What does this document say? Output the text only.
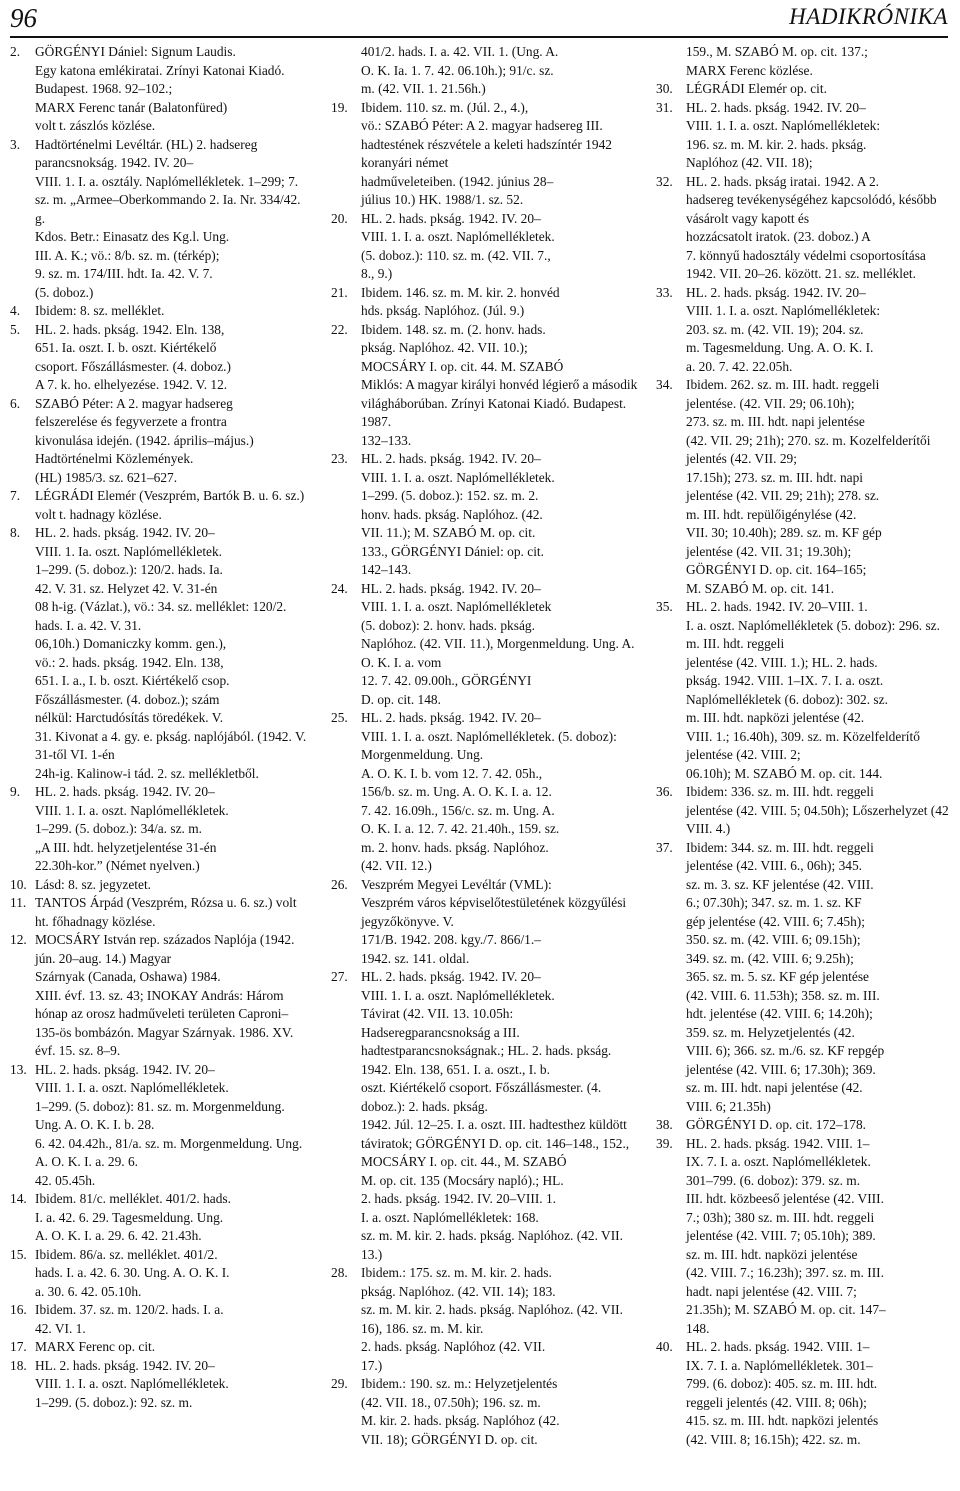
96	HADIKRÓNIKA
2. GÖRGÉNYI Dániel: Signum Laudis.
Egy katona emlékiratai. Zrínyi Katonai Kiadó. Budapest. 1968. 92–102.;
MARX Ferenc tanár (Balatonfüred)
volt t. zászlós közlése.
3. Hadtörténelmi Levéltár. (HL) 2. hadsereg parancsnokság. 1942. IV. 20–
VIII. 1. I. a. osztály. Naplómellékletek. 1–299; 7. sz. m. „Armee–Oberkommando 2. Ia. Nr. 334/42. g.
Kdos. Betr.: Einasatz des Kg.l. Ung.
III. A. K.; vö.: 8/b. sz. m. (térkép);
9. sz. m. 174/III. hdt. Ia. 42. V. 7.
(5. doboz.)
4. Ibidem: 8. sz. melléklet.
5. HL. 2. hads. pkság. 1942. Eln. 138,
651. Ia. oszt. I. b. oszt. Kiértékelő
csoport. Főszállásmester. (4. doboz.)
A 7. k. ho. elhelyezése. 1942. V. 12.
6. SZABÓ Péter: A 2. magyar hadsereg
felszerelése és fegyverzete a frontra
kivonulása idején. (1942. április–május.) Hadtörténelmi Közlemények.
(HL) 1985/3. sz. 621–627.
7. LÉGRÁDI Elemér (Veszprém, Bartók B. u. 6. sz.) volt t. hadnagy közlése.
8. HL. 2. hads. pkság. 1942. IV. 20–
VIII. 1. Ia. oszt. Naplómellékletek.
1–299. (5. doboz.): 120/2. hads. Ia.
42. V. 31. sz. Helyzet 42. V. 31-én
08 h-ig. (Vázlat.), vö.: 34. sz. melléklet: 120/2. hads. I. a. 42. V. 31.
06,10h.) Domaniczky komm. gen.),
vö.: 2. hads. pkság. 1942. Eln. 138,
651. I. a., I. b. oszt. Kiértékelő csop.
Főszállásmester. (4. doboz.); szám
nélkül: Harctudósítás töredékek. V.
31. Kivonat a 4. gy. e. pkság. naplójából. (1942. V. 31-től VI. 1-én
24h-ig. Kalinow-i tád. 2. sz. mellékletből.
9. HL. 2. hads. pkság. 1942. IV. 20–
VIII. 1. I. a. oszt. Naplómellékletek.
1–299. (5. doboz.): 34/a. sz. m.
„A III. hdt. helyzetjelentése 31-én
22.30h-kor.” (Német nyelven.)
10. Lásd: 8. sz. jegyzetet.
11. TANTOS Árpád (Veszprém, Rózsa u. 6. sz.) volt ht. főhadnagy közlése.
12. MOCSÁRY István rep. százados Naplója (1942. jún. 20–aug. 14.) Magyar
Szárnyak (Canada, Oshawa) 1984.
XIII. évf. 13. sz. 43; INOKAY András: Három hónap az orosz hadműveleti területen Caproni–135-ös bombázón. Magyar Szárnyak. 1986. XV.
évf. 15. sz. 8–9.
13. HL. 2. hads. pkság. 1942. IV. 20–
VIII. 1. I. a. oszt. Naplómellékletek.
1–299. (5. doboz): 81. sz. m. Morgenmeldung. Ung. A. O. K. I. b. 28.
6. 42. 04.42h., 81/a. sz. m. Morgenmeldung. Ung. A. O. K. I. a. 29. 6.
42. 05.45h.
14. Ibidem. 81/c. melléklet. 401/2. hads.
I. a. 42. 6. 29. Tagesmeldung. Ung.
A. O. K. I. a. 29. 6. 42. 21.43h.
15. Ibidem. 86/a. sz. melléklet. 401/2.
hads. I. a. 42. 6. 30. Ung. A. O. K. I.
a. 30. 6. 42. 05.10h.
16. Ibidem. 37. sz. m. 120/2. hads. I. a.
42. VI. 1.
17. MARX Ferenc op. cit.
18. HL. 2. hads. pkság. 1942. IV. 20–
VIII. 1. I. a. oszt. Naplómellékletek.
1–299. (5. doboz.): 92. sz. m.
401/2. hads. I. a. 42. VII. 1. (Ung. A.
O. K. Ia. 1. 7. 42. 06.10h.); 91/c. sz.
m. (42. VII. 1. 21.56h.)
19. Ibidem. 110. sz. m. (Júl. 2., 4.),
vö.: SZABÓ Péter: A 2. magyar hadsereg III. hadtestének részvétele a keleti hadszíntér 1942 koranyári német
hadműveleteiben. (1942. június 28–
július 10.) HK. 1988/1. sz. 52.
20. HL. 2. hads. pkság. 1942. IV. 20–
VIII. 1. I. a. oszt. Naplómellékletek.
(5. doboz.): 110. sz. m. (42. VII. 7.,
8., 9.)
21. Ibidem. 146. sz. m. M. kir. 2. honvéd
hds. pkság. Naplóhoz. (Júl. 9.)
22. Ibidem. 148. sz. m. (2. honv. hads.
pkság. Naplóhoz. 42. VII. 10.);
MOCSÁRY I. op. cit. 44. M. SZABÓ
Miklós: A magyar királyi honvéd légierő a második világháborúban. Zrínyi Katonai Kiadó. Budapest. 1987.
132–133.
23. HL. 2. hads. pkság. 1942. IV. 20–
VIII. 1. I. a. oszt. Naplómellékletek.
1–299. (5. doboz.): 152. sz. m. 2.
honv. hads. pkság. Naplóhoz. (42.
VII. 11.); M. SZABÓ M. op. cit.
133., GÖRGÉNYI Dániel: op. cit.
142–143.
24. HL. 2. hads. pkság. 1942. IV. 20–
VIII. 1. I. a. oszt. Naplómellékletek
(5. doboz): 2. honv. hads. pkság.
Naplóhoz. (42. VII. 11.), Morgenmeldung. Ung. A. O. K. I. a. vom
12. 7. 42. 09.00h., GÖRGÉNYI
D. op. cit. 148.
25. HL. 2. hads. pkság. 1942. IV. 20–
VIII. 1. I. a. oszt. Naplómellékletek. (5. doboz): Morgenmeldung. Ung.
A. O. K. I. b. vom 12. 7. 42. 05h.,
156/b. sz. m. Ung. A. O. K. I. a. 12.
7. 42. 16.09h., 156/c. sz. m. Ung. A.
O. K. I. a. 12. 7. 42. 21.40h., 159. sz.
m. 2. honv. hads. pkság. Naplóhoz.
(42. VII. 12.)
26. Veszprém Megyei Levéltár (VML):
Veszprém város képviselőtestületének közgyűlési jegyzőkönyve. V.
171/B. 1942. 208. kgy./7. 866/1.–
1942. sz. 141. oldal.
27. HL. 2. hads. pkság. 1942. IV. 20–
VIII. 1. I. a. oszt. Naplómellékletek.
Távirat (42. VII. 13. 10.05h: Hadseregparancsnokság a III. hadtestparancsnokságnak.; HL. 2. hads. pkság.
1942. Eln. 138, 651. I. a. oszt., I. b.
oszt. Kiértékelő csoport. Főszállásmester. (4. doboz.): 2. hads. pkság.
1942. Júl. 12–25. I. a. oszt. III. hadtesthez küldött táviratok; GÖRGÉNYI D. op. cit. 146–148., 152., MOCSÁRY I. op. cit. 44., M. SZABÓ
M. op. cit. 135 (Mocsáry napló).; HL.
2. hads. pkság. 1942. IV. 20–VIII. 1.
I. a. oszt. Naplómellékletek: 168.
sz. m. M. kir. 2. hads. pkság. Naplóhoz. (42. VII. 13.)
28. Ibidem.: 175. sz. m. M. kir. 2. hads.
pkság. Naplóhoz. (42. VII. 14); 183.
sz. m. M. kir. 2. hads. pkság. Naplóhoz. (42. VII. 16), 186. sz. m. M. kir.
2. hads. pkság. Naplóhoz (42. VII.
17.)
29. Ibidem.: 190. sz. m.: Helyzetjelentés
(42. VII. 18., 07.50h); 196. sz. m.
M. kir. 2. hads. pkság. Naplóhoz (42.
VII. 18); GÖRGÉNYI D. op. cit.
159., M. SZABÓ M. op. cit. 137.;
MARX Ferenc közlése.
30. LÉGRÁDI Elemér op. cit.
31. HL. 2. hads. pkság. 1942. IV. 20–
VIII. 1. I. a. oszt. Naplómellékletek:
196. sz. m. M. kir. 2. hads. pkság.
Naplóhoz (42. VII. 18);
32. HL. 2. hads. pkság iratai. 1942. A 2.
hadsereg tevékenységéhez kapcsolódó, később vásárolt vagy kapott és
hozzácsatolt iratok. (23. doboz.) A
7. könnyű hadosztály védelmi csoportosítása 1942. VII. 20–26. között. 21. sz. melléklet.
33. HL. 2. hads. pkság. 1942. IV. 20–
VIII. 1. I. a. oszt. Naplómellékletek:
203. sz. m. (42. VII. 19); 204. sz.
m. Tagesmeldung. Ung. A. O. K. I.
a. 20. 7. 42. 22.05h.
34. Ibidem. 262. sz. m. III. hadt. reggeli
jelentése. (42. VII. 29; 06.10h);
273. sz. m. III. hdt. napi jelentése
(42. VII. 29; 21h); 270. sz. m. Kozelfelderítői jelentés (42. VII. 29;
17.15h); 273. sz. m. III. hdt. napi
jelentése (42. VII. 29; 21h); 278. sz.
m. III. hdt. repülőigénylése (42.
VII. 30; 10.40h); 289. sz. m. KF gép
jelentése (42. VII. 31; 19.30h);
GÖRGÉNYI D. op. cit. 164–165;
M. SZABÓ M. op. cit. 141.
35. HL. 2. hads. 1942. IV. 20–VIII. 1.
I. a. oszt. Naplómellékletek (5. doboz): 296. sz. m. III. hdt. reggeli
jelentése (42. VIII. 1.); HL. 2. hads.
pkság. 1942. VIII. 1–IX. 7. I. a. oszt.
Naplómellékletek (6. doboz): 302. sz.
m. III. hdt. napközi jelentése (42.
VIII. 1.; 16.40h), 309. sz. m. Közelfelderítő jelentése (42. VIII. 2;
06.10h); M. SZABÓ M. op. cit. 144.
36. Ibidem: 336. sz. m. III. hdt. reggeli
jelentése (42. VIII. 5; 04.50h); Lőszerhelyzet (42 VIII. 4.)
37. Ibidem: 344. sz. m. III. hdt. reggeli
jelentése (42. VIII. 6., 06h); 345.
sz. m. 3. sz. KF jelentése (42. VIII.
6.; 07.30h); 347. sz. m. 1. sz. KF
gép jelentése (42. VIII. 6; 7.45h);
350. sz. m. (42. VIII. 6; 09.15h);
349. sz. m. (42. VIII. 6; 9.25h);
365. sz. m. 5. sz. KF gép jelentése
(42. VIII. 6. 11.53h); 358. sz. m. III.
hdt. jelentése (42. VIII. 6; 14.20h);
359. sz. m. Helyzetjelentés (42.
VIII. 6); 366. sz. m./6. sz. KF repgép
jelentése (42. VIII. 6; 17.30h); 369.
sz. m. III. hdt. napi jelentése (42.
VIII. 6; 21.35h)
38. GÖRGÉNYI D. op. cit. 172–178.
39. HL. 2. hads. pkság. 1942. VIII. 1–
IX. 7. I. a. oszt. Naplómellékletek.
301–799. (6. doboz): 379. sz. m.
III. hdt. közbeeső jelentése (42. VIII.
7.; 03h); 380 sz. m. III. hdt. reggeli
jelentése (42. VIII. 7; 05.10h); 389.
sz. m. III. hdt. napközi jelentése
(42. VIII. 7.; 16.23h); 397. sz. m. III.
hadt. napi jelentése (42. VIII. 7;
21.35h); M. SZABÓ M. op. cit. 147–
148.
40. HL. 2. hads. pkság. 1942. VIII. 1–
IX. 7. I. a. Naplómellékletek. 301–
799. (6. doboz): 405. sz. m. III. hdt.
reggeli jelentés (42. VIII. 8; 06h);
415. sz. m. III. hdt. napközi jelentés
(42. VIII. 8; 16.15h); 422. sz. m.
